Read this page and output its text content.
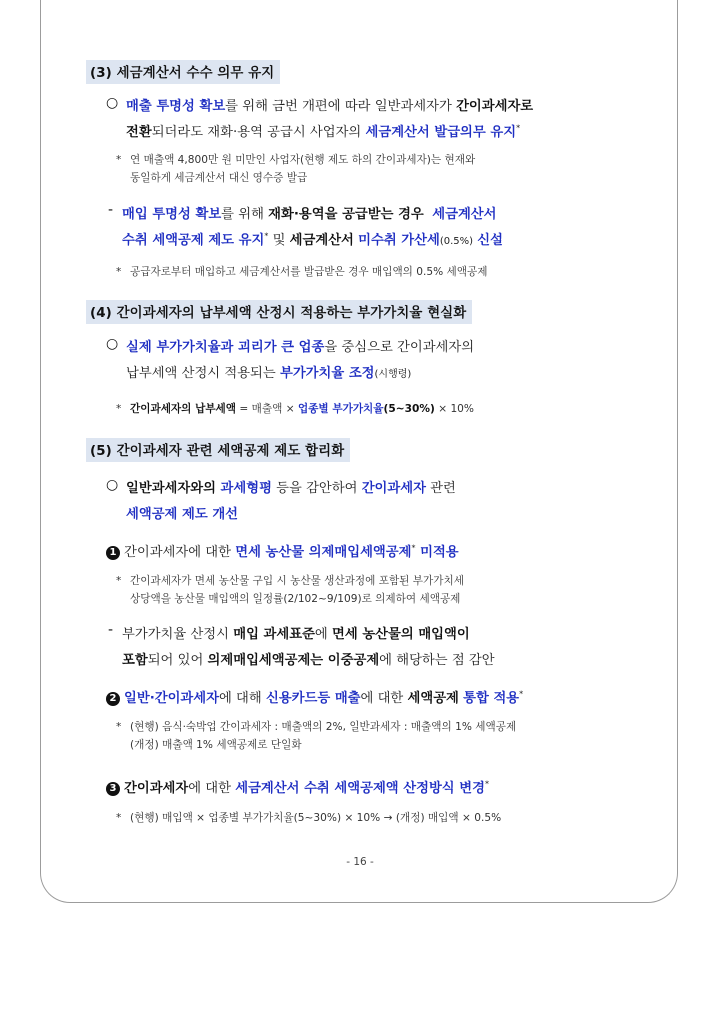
(3) 세금계산서 수수 의무 유지
○ 매출 투명성 확보를 위해 금번 개편에 따라 일반과세자가 간이과세자로
전환되더라도 재화·용역 공급시 사업자의 세금계산서 발급의무 유지*
* 연 매출액 4,800만 원 미만인 사업자(현행 제도 하의 간이과세자)는 현재와
동일하게 세금계산서 대신 영수증 발급
- 매입 투명성 확보를 위해 재화·용역을 공급받는 경우 세금계산서
수취 세액공제 제도 유지* 및 세금계산서 미수취 가산세(0.5%) 신설
* 공급자로부터 매입하고 세금계산서를 발급받은 경우 매입액의 0.5% 세액공제
(4) 간이과세자의 납부세액 산정시 적용하는 부가가치율 현실화
○ 실제 부가가치율과 괴리가 큰 업종을 중심으로 간이과세자의
납부세액 산정시 적용되는 부가가치율 조정(시행령)
* 간이과세자의 납부세액 = 매출액 × 업종별 부가가치율(5~30%) × 10%
(5) 간이과세자 관련 세액공제 제도 합리화
○ 일반과세자와의 과세형평 등을 감안하여 간이과세자 관련
세액공제 제도 개선
1 간이과세자에 대한 면세 농산물 의제매입세액공제* 미적용
* 간이과세자가 면세 농산물 구입 시 농산물 생산과정에 포함된 부가가치세
상당액을 농산물 매입액의 일정률(2/102~9/109)로 의제하여 세액공제
- 부가가치율 산정시 매입 과세표준에 면세 농산물의 매입액이
포함되어 있어 의제매입세액공제는 이중공제에 해당하는 점 감안
2 일반·간이과세자에 대해 신용카드등 매출에 대한 세액공제 통합 적용*
* (현행) 음식·숙박업 간이과세자 : 매출액의 2%, 일반과세자 : 매출액의 1% 세액공제
(개정) 매출액 1% 세액공제로 단일화
3 간이과세자에 대한 세금계산서 수취 세액공제액 산정방식 변경*
* (현행) 매입액 × 업종별 부가가치율(5~30%) × 10% → (개정) 매입액 × 0.5%
- 16 -
